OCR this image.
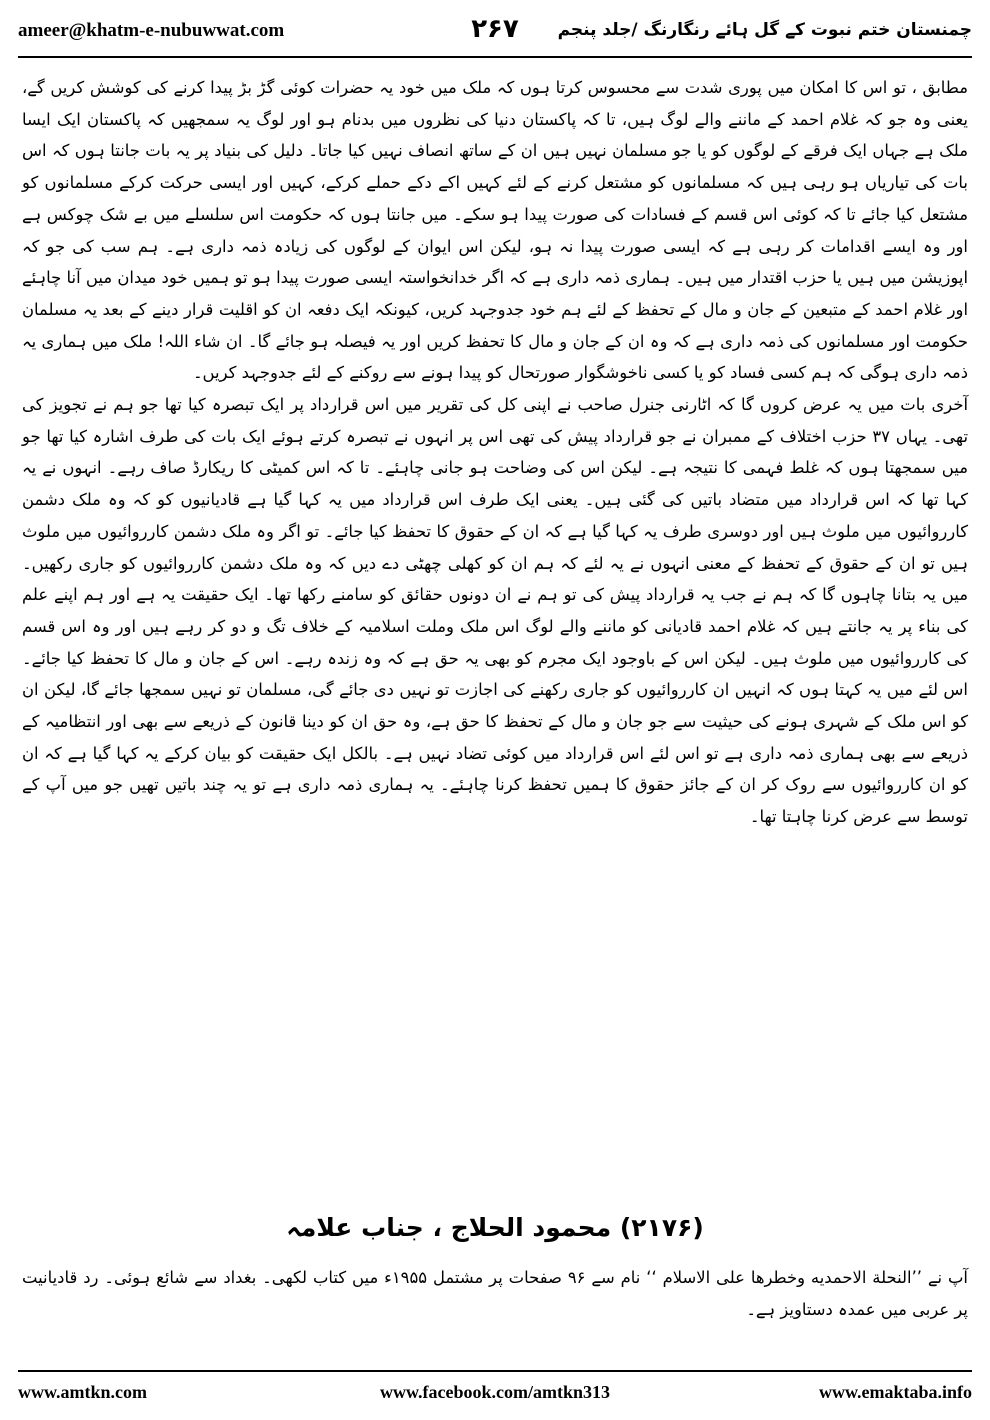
ameer@khatm-e-nubuwwat.com	۲۶۷	چمنستان ختم نبوت کے گل ہائے رنگارنگ /جلد پنجم

مطابق ، تو اس کا امکان میں پوری شدت سے محسوس کرتا ہوں کہ ملک میں خود یہ حضرات کوئی گڑ بڑ پیدا کرنے کی کوشش کریں گے، یعنی وہ جو کہ غلام احمد کے ماننے والے لوگ ہیں، تا کہ پاکستان دنیا کی نظروں میں بدنام ہو اور لوگ یہ سمجھیں کہ پاکستان ایک ایسا ملک ہے جہاں ایک فرقے کے لوگوں کو یا جو مسلمان نہیں ہیں ان کے ساتھ انصاف نہیں کیا جاتا۔ دلیل کی بنیاد پر یہ بات جانتا ہوں کہ اس بات کی تیاریاں ہو رہی ہیں کہ مسلمانوں کو مشتعل کرنے کے لئے کہیں اکے دکے حملے کرکے، کہیں اور ایسی حرکت کرکے مسلمانوں کو مشتعل کیا جائے تا کہ کوئی اس قسم کے فسادات کی صورت پیدا ہو سکے۔ میں جانتا ہوں کہ حکومت اس سلسلے میں بے شک چوکس ہے اور وہ ایسے اقدامات کر رہی ہے کہ ایسی صورت پیدا نہ ہو، لیکن اس ایوان کے لوگوں کی زیادہ ذمہ داری ہے۔ ہم سب کی جو کہ اپوزیشن میں ہیں یا حزب اقتدار میں ہیں۔ ہماری ذمہ داری ہے کہ اگر خدانخواستہ ایسی صورت پیدا ہو تو ہمیں خود میدان میں آنا چاہئے اور غلام احمد کے متبعین کے جان و مال کے تحفظ کے لئے ہم خود جدوجہد کریں، کیونکہ ایک دفعہ ان کو اقلیت قرار دینے کے بعد یہ مسلمان حکومت اور مسلمانوں کی ذمہ داری ہے کہ وہ ان کے جان و مال کا تحفظ کریں اور یہ فیصلہ ہو جائے گا۔ ان شاء اللہ! ملک میں ہماری یہ ذمہ داری ہوگی کہ ہم کسی فساد کو یا کسی ناخوشگوار صورتحال کو پیدا ہونے سے روکنے کے لئے جدوجہد کریں۔

آخری بات میں یہ عرض کروں گا کہ اٹارنی جنرل صاحب نے اپنی کل کی تقریر میں اس قرارداد پر ایک تبصرہ کیا تھا جو ہم نے تجویز کی تھی۔ یہاں ۳۷ حزب اختلاف کے ممبران نے جو قرارداد پیش کی تھی اس پر انہوں نے تبصرہ کرتے ہوئے ایک بات کی طرف اشارہ کیا تھا جو میں سمجھتا ہوں کہ غلط فہمی کا نتیجہ ہے۔ لیکن اس کی وضاحت ہو جانی چاہئے۔ تا کہ اس کمیٹی کا ریکارڈ صاف رہے۔ انہوں نے یہ کہا تھا کہ اس قرارداد میں متضاد باتیں کی گئی ہیں۔ یعنی ایک طرف اس قرارداد میں یہ کہا گیا ہے قادیانیوں کو کہ وہ ملک دشمن کارروائیوں میں ملوث ہیں اور دوسری طرف یہ کہا گیا ہے کہ ان کے حقوق کا تحفظ کیا جائے۔ تو اگر وہ ملک دشمن کارروائیوں میں ملوث ہیں تو ان کے حقوق کے تحفظ کے معنی انہوں نے یہ لئے کہ ہم ان کو کھلی چھٹی دے دیں کہ وہ ملک دشمن کارروائیوں کو جاری رکھیں۔ میں یہ بتانا چاہوں گا کہ ہم نے جب یہ قرارداد پیش کی تو ہم نے ان دونوں حقائق کو سامنے رکھا تھا۔ ایک حقیقت یہ ہے اور ہم اپنے علم کی بناء پر یہ جانتے ہیں کہ غلام احمد قادیانی کو ماننے والے لوگ اس ملک وملت اسلامیہ کے خلاف تگ و دو کر رہے ہیں اور وہ اس قسم کی کارروائیوں میں ملوث ہیں۔ لیکن اس کے باوجود ایک مجرم کو بھی یہ حق ہے کہ وہ زندہ رہے۔ اس کے جان و مال کا تحفظ کیا جائے۔ اس لئے میں یہ کہتا ہوں کہ انہیں ان کارروائیوں کو جاری رکھنے کی اجازت تو نہیں دی جائے گی، مسلمان تو نہیں سمجھا جائے گا، لیکن ان کو اس ملک کے شہری ہونے کی حیثیت سے جو جان و مال کے تحفظ کا حق ہے، وہ حق ان کو دینا قانون کے ذریعے سے بھی اور انتظامیہ کے ذریعے سے بھی ہماری ذمہ داری ہے تو اس لئے اس قرارداد میں کوئی تضاد نہیں ہے۔ بالکل ایک حقیقت کو بیان کرکے یہ کہا گیا ہے کہ ان کو ان کارروائیوں سے روک کر ان کے جائز حقوق کا ہمیں تحفظ کرنا چاہئے۔ یہ ہماری ذمہ داری ہے تو یہ چند باتیں تھیں جو میں آپ کے توسط سے عرض کرنا چاہتا تھا۔

(۲۱۷۶) محمود الحلاج ، جناب علامہ

آپ نے ’’النحلة الاحمدیه وخطرها علی الاسلام ‘‘ نام سے ۹۶ صفحات پر مشتمل ۱۹۵۵ء میں کتاب لکھی۔ بغداد سے شائع ہوئی۔ رد قادیانیت پر عربی میں عمدہ دستاویز ہے۔

www.amtkn.com	www.facebook.com/amtkn313	www.emaktaba.info
